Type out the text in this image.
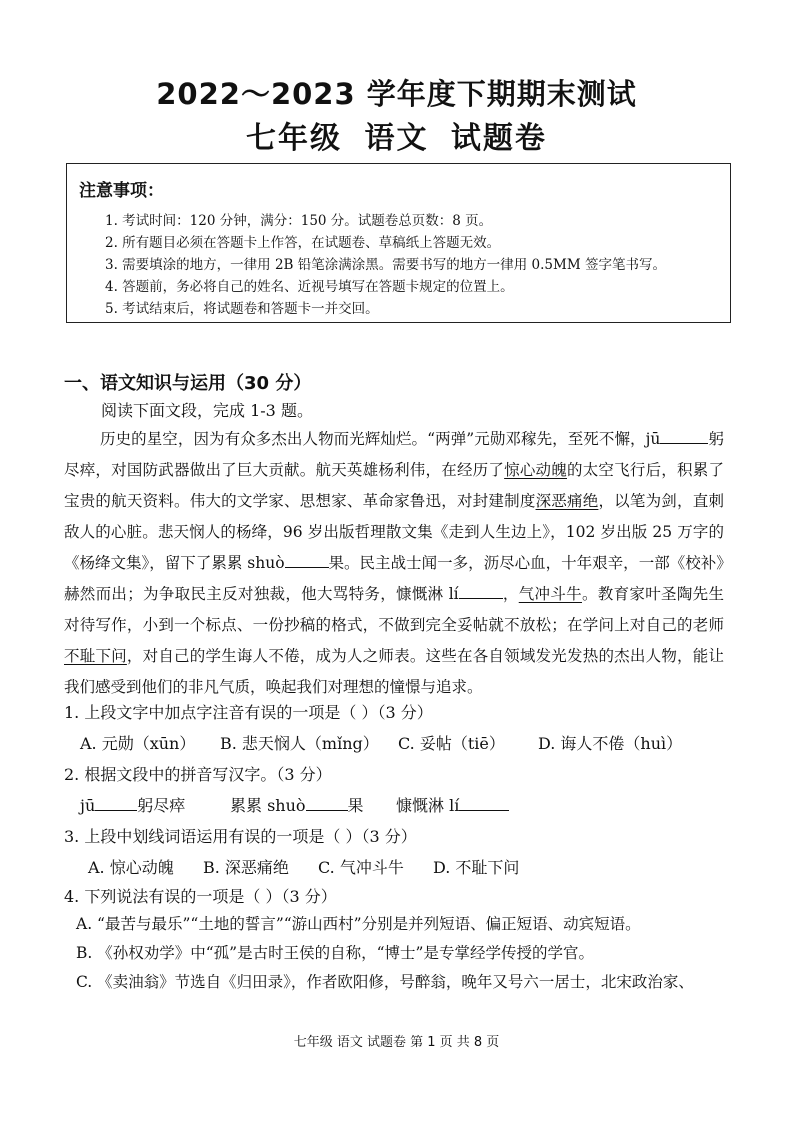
2022～2023 学年度下期期末测试
七年级 语文 试题卷
注意事项：
1. 考试时间：120 分钟，满分：150 分。试题卷总页数：8 页。
2. 所有题目必须在答题卡上作答，在试题卷、草稿纸上答题无效。
3. 需要填涂的地方，一律用 2B 铅笔涂满涂黑。需要书写的地方一律用 0.5MM 签字笔书写。
4. 答题前，务必将自己的姓名、近视号填写在答题卡规定的位置上。
5. 考试结束后，将试题卷和答题卡一并交回。
一、语文知识与运用（30 分）
阅读下面文段，完成 1-3 题。

历史的星空，因为有众多杰出人物而光辉灿烂。“两弹”元勋邓稼先，至死不懈，jū	躬尽瘁，对国防武器做出了巨大贡献。航天英雄杨利伟，在经历了惊心动魄的太空飞行后，积累了宝贵的航天资料。伟大的文学家、思想家、革命家鲁迅，对封建制度深恶痛绝，以笔为剑，直刺敌人的心脏。悲天悯人的杨绛，96 岁出版哲理散文集《走到人生边上》，102 岁出版 25 万字的《杨绛文集》，留下了累累 shuò	果。民主战士闻一多，沥尽心血，十年艰辛，一部《校补》赫然而出；为争取民主反对独裁，他大骂特务，慷慨淋 lí	，气冲斗牛。教育家叶圣陶先生对待写作，小到一个标点、一份抄稿的格式，不做到完全妥帖就不放松；在学问上对自己的老师不耻下问，对自己的学生诲人不倦，成为人之师表。这些在各自领域发光发热的杰出人物，能让我们感受到他们的非凡气质，唤起我们对理想的憧憬与追求。

1. 上段文字中加点字注音有误的一项是（ ）（3 分）
A. 元勋（xūn） B. 悲天悯人（mǐng） C. 妥帖（tiē） D. 诲人不倦（huì）
2. 根据文段中的拼音写汉字。（3 分）
jū	躬尽瘁	累累 shuò	果 慷慨淋 lí
3. 上段中划线词语运用有误的一项是（ ）（3 分）
A. 惊心动魄 B. 深恶痛绝 C. 气冲斗牛 D. 不耻下问
4. 下列说法有误的一项是（ ）（3 分）
A. “最苦与最乐”“土地的誓言”“游山西村”分别是并列短语、偏正短语、动宾短语。
B. 《孙权劝学》中“孤”是古时王侯的自称，“博士”是专掌经学传授的学官。
C. 《卖油翁》节选自《归田录》，作者欧阳修，号醉翁，晚年又号六一居士，北宋政治家、
七年级 语文 试题卷 第 1 页 共 8 页
